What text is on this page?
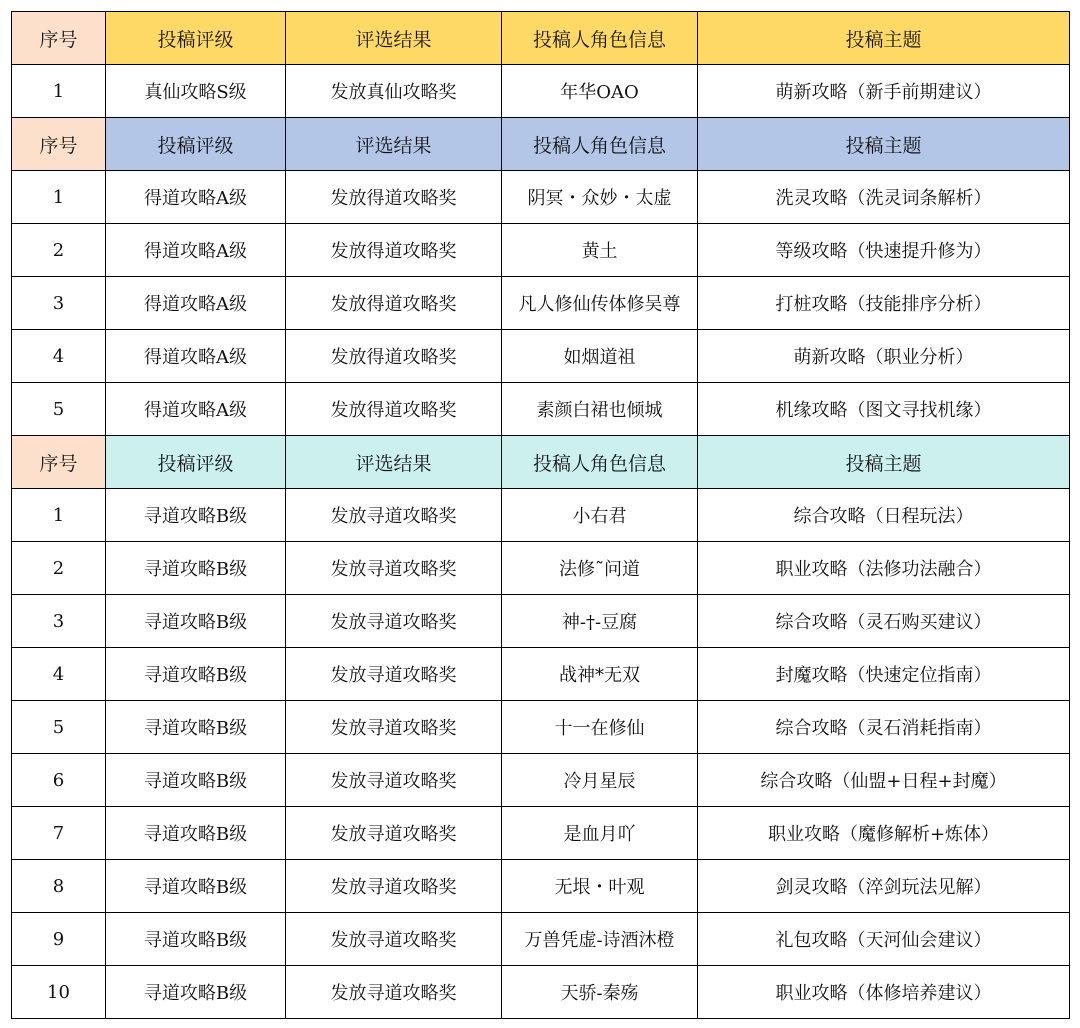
序号	投稿评级	评选结果	投稿人角色信息	投稿主题
1	真仙攻略S级	发放真仙攻略奖	年华OAO	萌新攻略（新手前期建议）
序号	投稿评级	评选结果	投稿人角色信息	投稿主题
1	得道攻略A级	发放得道攻略奖	阴冥・众妙・太虚	洗灵攻略（洗灵词条解析）
2	得道攻略A级	发放得道攻略奖	黄土	等级攻略（快速提升修为）
3	得道攻略A级	发放得道攻略奖	凡人修仙传体修吴尊	打桩攻略（技能排序分析）
4	得道攻略A级	发放得道攻略奖	如烟道祖	萌新攻略（职业分析）
5	得道攻略A级	发放得道攻略奖	素颜白裙也倾城	机缘攻略（图文寻找机缘）
序号	投稿评级	评选结果	投稿人角色信息	投稿主题
1	寻道攻略B级	发放寻道攻略奖	小右君	综合攻略（日程玩法）
2	寻道攻略B级	发放寻道攻略奖	法修˜问道	职业攻略（法修功法融合）
3	寻道攻略B级	发放寻道攻略奖	神‑†‑豆腐	综合攻略（灵石购买建议）
4	寻道攻略B级	发放寻道攻略奖	战神*无双	封魔攻略（快速定位指南）
5	寻道攻略B级	发放寻道攻略奖	十一在修仙	综合攻略（灵石消耗指南）
6	寻道攻略B级	发放寻道攻略奖	冷月星辰	综合攻略（仙盟+日程+封魔）
7	寻道攻略B级	发放寻道攻略奖	是血月吖	职业攻略（魔修解析+炼体）
8	寻道攻略B级	发放寻道攻略奖	无垠・叶观	剑灵攻略（淬剑玩法见解）
9	寻道攻略B级	发放寻道攻略奖	万兽凭虚-诗酒沐橙	礼包攻略（天河仙会建议）
10	寻道攻略B级	发放寻道攻略奖	天骄-秦殇	职业攻略（体修培养建议）
